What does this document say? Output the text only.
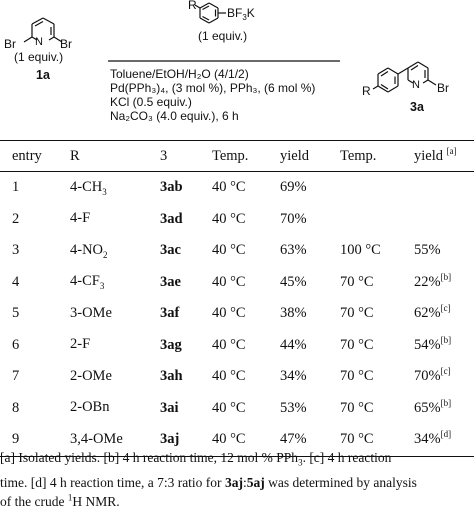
N
Br	Br
(1 equiv.)
1a
R
$BF_3K$
(1 equiv.)
Toluene/EtOH/H₂O (4/1/2)
Pd(PPh₃)₄, (3 mol %), PPh₃, (6 mol %)
KCl (0.5 equiv.)
Na₂CO₃ (4.0 equiv.), 6 h
R	N Br
3a
entry	R	3	Temp.	yield	Temp.	yield [a]
1	$4-CH_3$	3ab	40 °C	69%		
2	4-F	3ad	40 °C	70%		
3	$4-NO_2$	3ac	40 °C	63%	100 °C	55%
4	$4-CF_3$	3ae	40 °C	45%	70 °C	22%[b]
5	3-OMe	3af	40 °C	38%	70 °C	62%[c]
6	2-F	3ag	40 °C	44%	70 °C	54%[b]
7	2-OMe	3ah	40 °C	34%	70 °C	70%[c]
8	2-OBn	3ai	40 °C	53%	70 °C	65%[b]
9	3,4-OMe	3aj	40 °C	47%	70 °C	34%[d]
[a] Isolated yields. [b] 4 h reaction time, 12 mol % PPh$_3$. [c] 4 h reaction
time. [d] 4 h reaction time, a 7:3 ratio for 3aj:5aj was determined by analysis
of the crude $^1$H NMR.
